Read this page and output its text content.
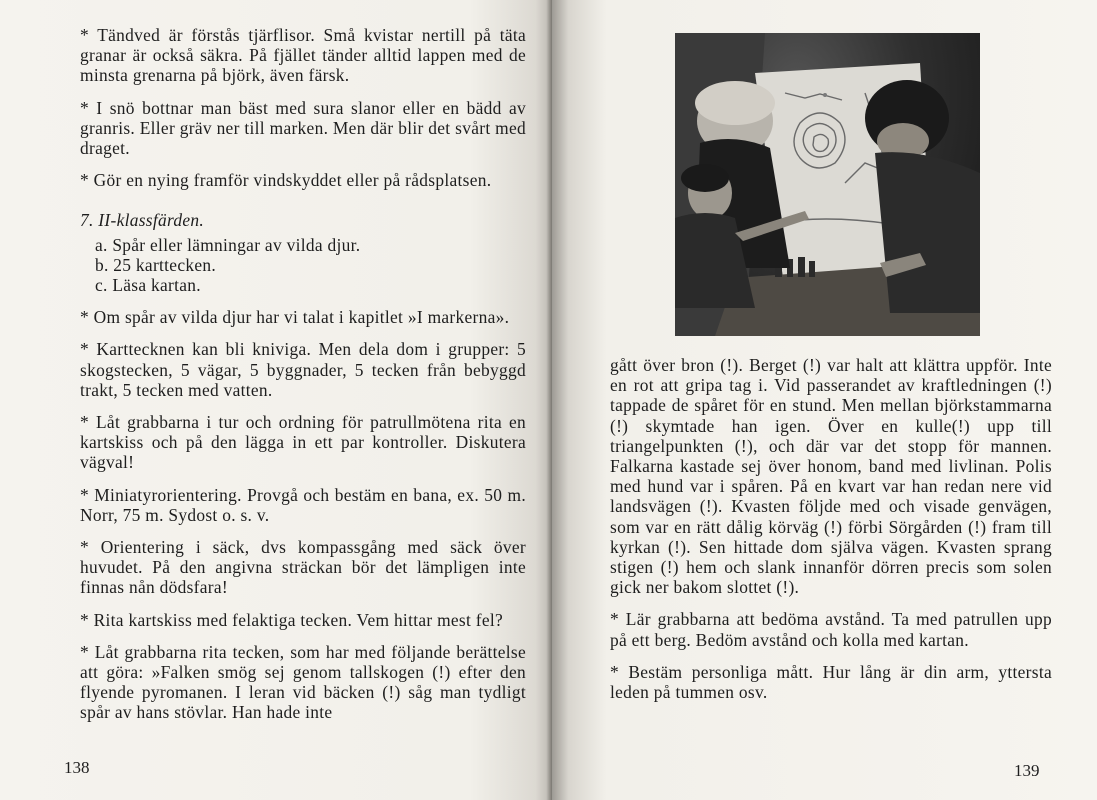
* Tändved är förstås tjärflisor. Små kvistar nertill på täta granar är också säkra. På fjället tänder alltid lappen med de minsta grenarna på björk, även färsk.

* I snö bottnar man bäst med sura slanor eller en bädd av granris. Eller gräv ner till marken. Men där blir det svårt med draget.

* Gör en nying framför vindskyddet eller på rådsplatsen.

7. II-klassfärden.

a. Spår eller lämningar av vilda djur.

b. 25 karttecken.

c. Läsa kartan.

* Om spår av vilda djur har vi talat i kapitlet »I markerna».

* Karttecknen kan bli kniviga. Men dela dom i grupper: 5 skogstecken, 5 vägar, 5 byggnader, 5 tecken från bebyggd trakt, 5 tecken med vatten.

* Låt grabbarna i tur och ordning för patrullmötena rita en kartskiss och på den lägga in ett par kontroller. Diskutera vägval!

* Miniatyrorientering. Provgå och bestäm en bana, ex. 50 m. Norr, 75 m. Sydost o. s. v.

* Orientering i säck, dvs kompassgång med säck över huvudet. På den angivna sträckan bör det lämpligen inte finnas nån dödsfara!

* Rita kartskiss med felaktiga tecken. Vem hittar mest fel?

* Låt grabbarna rita tecken, som har med följande berättelse att göra: »Falken smög sej genom tallskogen (!) efter den flyende pyromanen. I leran vid bäcken (!) såg man tydligt spår av hans stövlar. Han hade inte

138	139

gått över bron (!). Berget (!) var halt att klättra uppför. Inte en rot att gripa tag i. Vid passerandet av kraftledningen (!) tappade de spåret för en stund. Men mellan björkstammarna (!) skymtade han igen. Över en kulle(!) upp till triangelpunkten (!), och där var det stopp för mannen. Falkarna kastade sej över honom, band med livlinan. Polis med hund var i spåren. På en kvart var han redan nere vid landsvägen (!). Kvasten följde med och visade genvägen, som var en rätt dålig körväg (!) förbi Sörgården (!) fram till kyrkan (!). Sen hittade dom själva vägen. Kvasten sprang stigen (!) hem och slank innanför dörren precis som solen gick ner bakom slottet (!).

* Lär grabbarna att bedöma avstånd. Ta med patrullen upp på ett berg. Bedöm avstånd och kolla med kartan.

* Bestäm personliga mått. Hur lång är din arm, yttersta leden på tummen osv.
